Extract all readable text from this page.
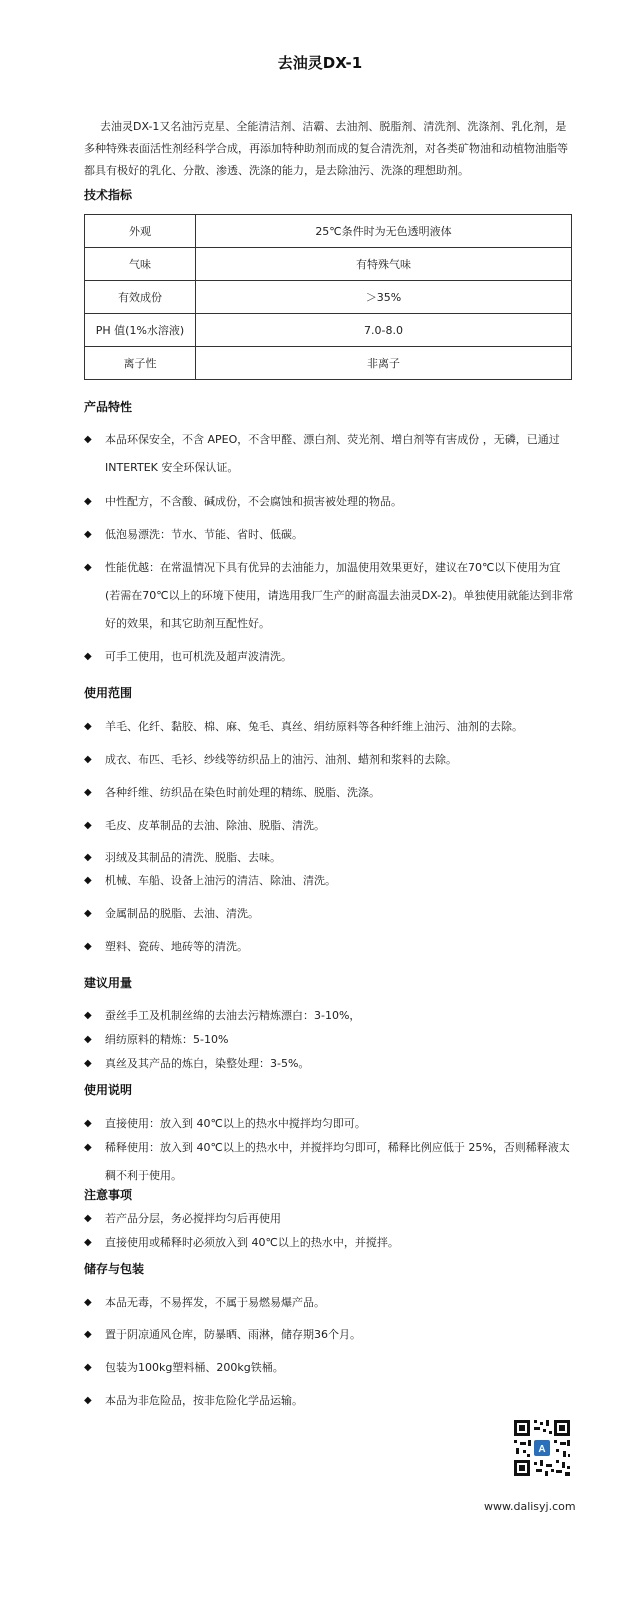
去油灵DX-1
去油灵DX-1又名油污克星、全能清洁剂、洁霸、去油剂、脱脂剂、清洗剂、洗涤剂、乳化剂，是多种特殊表面活性剂经科学合成，再添加特种助剂而成的复合清洗剂，对各类矿物油和动植物油脂等都具有极好的乳化、分散、渗透、洗涤的能力，是去除油污、洗涤的理想助剂。
技术指标
外观	25℃条件时为无色透明液体
气味	有特殊气味
有效成份	＞35%
PH 值(1%水溶液)	7.0-8.0
离子性	非离子
产品特性
◆ 本品环保安全，不含 APEO，不含甲醛、漂白剂、荧光剂、增白剂等有害成份 ，无磷，已通过 INTERTEK 安全环保认证。
◆ 中性配方，不含酸、碱成份，不会腐蚀和损害被处理的物品。
◆ 低泡易漂洗：节水、节能、省时、低碳。
◆ 性能优越：在常温情况下具有优异的去油能力，加温使用效果更好，建议在70℃以下使用为宜(若需在70℃以上的环境下使用，请选用我厂生产的耐高温去油灵DX-2)。单独使用就能达到非常好的效果，和其它助剂互配性好。
◆ 可手工使用，也可机洗及超声波清洗。
使用范围
◆ 羊毛、化纤、黏胶、棉、麻、兔毛、真丝、绢纺原料等各种纤维上油污、油剂的去除。
◆ 成衣、布匹、毛衫、纱线等纺织品上的油污、油剂、蜡剂和浆料的去除。
◆ 各种纤维、纺织品在染色时前处理的精练、脱脂、洗涤。
◆ 毛皮、皮革制品的去油、除油、脱脂、清洗。
◆ 羽绒及其制品的清洗、脱脂、去味。
◆ 机械、车船、设备上油污的清洁、除油、清洗。
◆ 金属制品的脱脂、去油、清洗。
◆ 塑料、瓷砖、地砖等的清洗。
建议用量
◆ 蚕丝手工及机制丝绵的去油去污精炼漂白：3-10%，
◆ 绢纺原料的精炼：5-10%
◆ 真丝及其产品的炼白，染整处理：3-5%。
使用说明
◆ 直接使用：放入到 40℃以上的热水中搅拌均匀即可。
◆ 稀释使用：放入到 40℃以上的热水中，并搅拌均匀即可，稀释比例应低于 25%，否则稀释液太稠不利于使用。
注意事项
◆ 若产品分层，务必搅拌均匀后再使用
◆ 直接使用或稀释时必须放入到 40℃以上的热水中，并搅拌。
储存与包装
◆ 本品无毒，不易挥发，不属于易燃易爆产品。
◆ 置于阴凉通风仓库，防暴晒、雨淋，储存期36个月。
◆ 包装为100kg塑料桶、200kg铁桶。
◆ 本品为非危险品，按非危险化学品运输。
A
www.dalisyj.com
